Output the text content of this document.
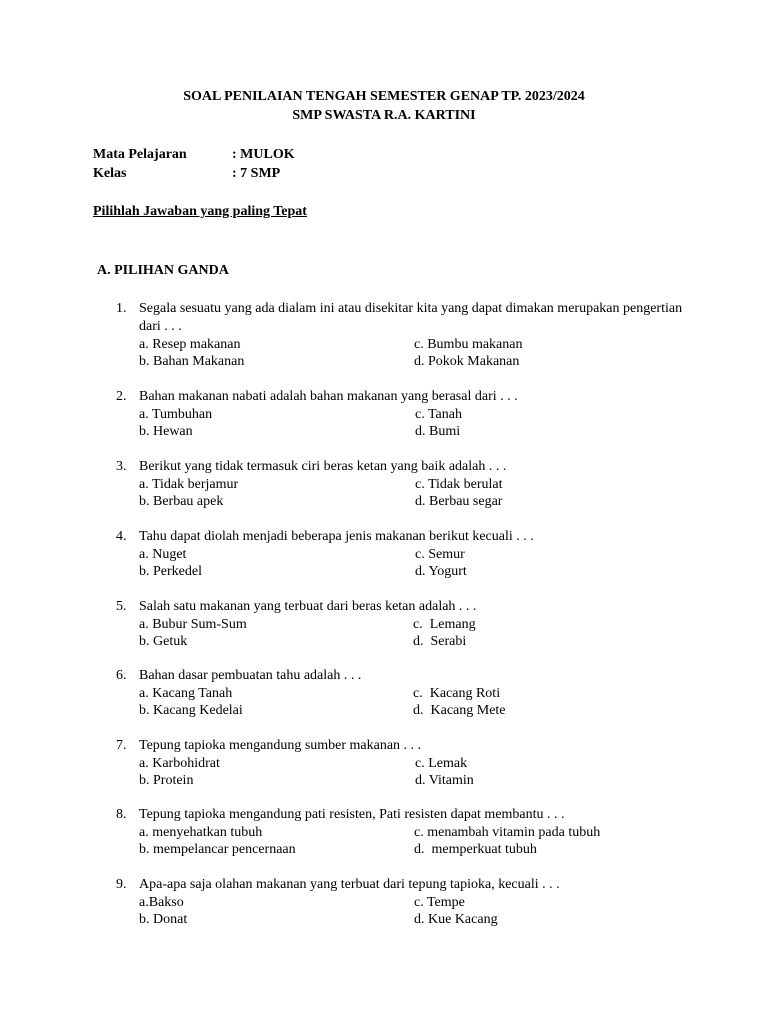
SOAL PENILAIAN TENGAH SEMESTER GENAP TP. 2023/2024
SMP SWASTA R.A. KARTINI
Mata Pelajaran	: MULOK
Kelas	: 7 SMP
Pilihlah Jawaban yang paling Tepat
A. PILIHAN GANDA
1. Segala sesuatu yang ada dialam ini atau disekitar kita yang dapat dimakan merupakan pengertian dari . . .
a. Resep makanan
b. Bahan Makanan
c. Bumbu makanan
d. Pokok Makanan
2. Bahan makanan nabati adalah bahan makanan yang berasal dari . . .
a. Tumbuhan
b. Hewan
c. Tanah
d. Bumi
3. Berikut yang tidak termasuk ciri beras ketan yang baik adalah . . .
a. Tidak berjamur
b. Berbau apek
c. Tidak berulat
d. Berbau segar
4. Tahu dapat diolah menjadi beberapa jenis makanan berikut kecuali . . .
a. Nuget
b. Perkedel
c. Semur
d. Yogurt
5. Salah satu makanan yang terbuat dari beras ketan adalah . . .
a. Bubur Sum-Sum
b. Getuk
c.  Lemang
d.  Serabi
6. Bahan dasar pembuatan tahu adalah . . .
a. Kacang Tanah
b. Kacang Kedelai
c.  Kacang Roti
d.  Kacang Mete
7. Tepung tapioka mengandung sumber makanan . . .
a. Karbohidrat
b. Protein
c. Lemak
d. Vitamin
8. Tepung tapioka mengandung pati resisten, Pati resisten dapat membantu . . .
a. menyehatkan tubuh
b. mempelancar pencernaan
c. menambah vitamin pada tubuh
d.  memperkuat tubuh
9. Apa-apa saja olahan makanan yang terbuat dari tepung tapioka, kecuali . . .
a.Bakso
b. Donat
c. Tempe
d. Kue Kacang
